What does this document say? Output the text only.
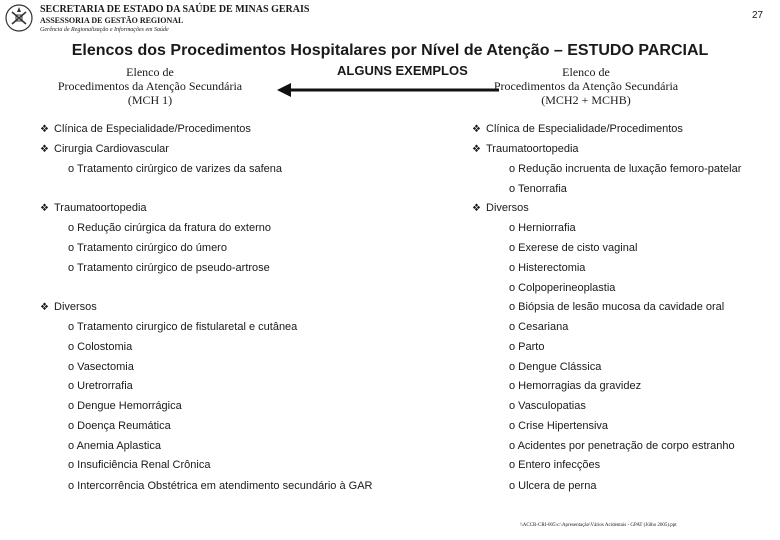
SECRETARIA DE ESTADO DA SAÚDE DE MINAS GERAIS
ASSESSORIA DE GESTÃO REGIONAL
Gerência de Regionalização e Informações em Saúde
27
Elencos dos Procedimentos Hospitalares por Nível de Atenção – ESTUDO PARCIAL
Elenco de
Procedimentos da Atenção Secundária
(MCH 1)
ALGUNS EXEMPLOS	Elenco de
Procedimentos da Atenção Secundária
(MCH2 + MCHB)
❖ Clínica de Especialidade/Procedimentos
❖ Cirurgia Cardiovascular
o Tratamento cirúrgico de varizes da safena
❖ Traumatoortopedia
o Redução cirúrgica da fratura do externo
o Tratamento cirúrgico do úmero
o Tratamento cirúrgico de pseudo-artrose
❖ Diversos
o Tratamento cirurgico de fistularetal e cutânea
o Colostomia
o Vasectomia
o Uretrorrafia
o Dengue Hemorrágica
o Doença Reumática
o Anemia Aplastica
o Insuficiência Renal Crônica
o Intercorrência Obstétrica em atendimento secundário à GAR
❖ Clínica de Especialidade/Procedimentos
❖ Traumatoortopedia
o Redução incruenta de luxação femoro-patelar
o Tenorrafia
❖ Diversos
o Herniorrafia
o Exerese de cisto vaginal
o Histerectomia
o Colpoperineoplastia
o Biópsia de lesão mucosa da cavidade oral
o Cesariana
o Parto
o Dengue Clássica
o Hemorragias da gravidez
o Vasculopatias
o Crise Hipertensiva
o Acidentes por penetração de corpo estranho
o Entero infecções
o Ulcera de perna
\\ACCR-CRI-005\c:\Apresentação\Vários Acidentais - GPAT (Júlho 2005).ppt
